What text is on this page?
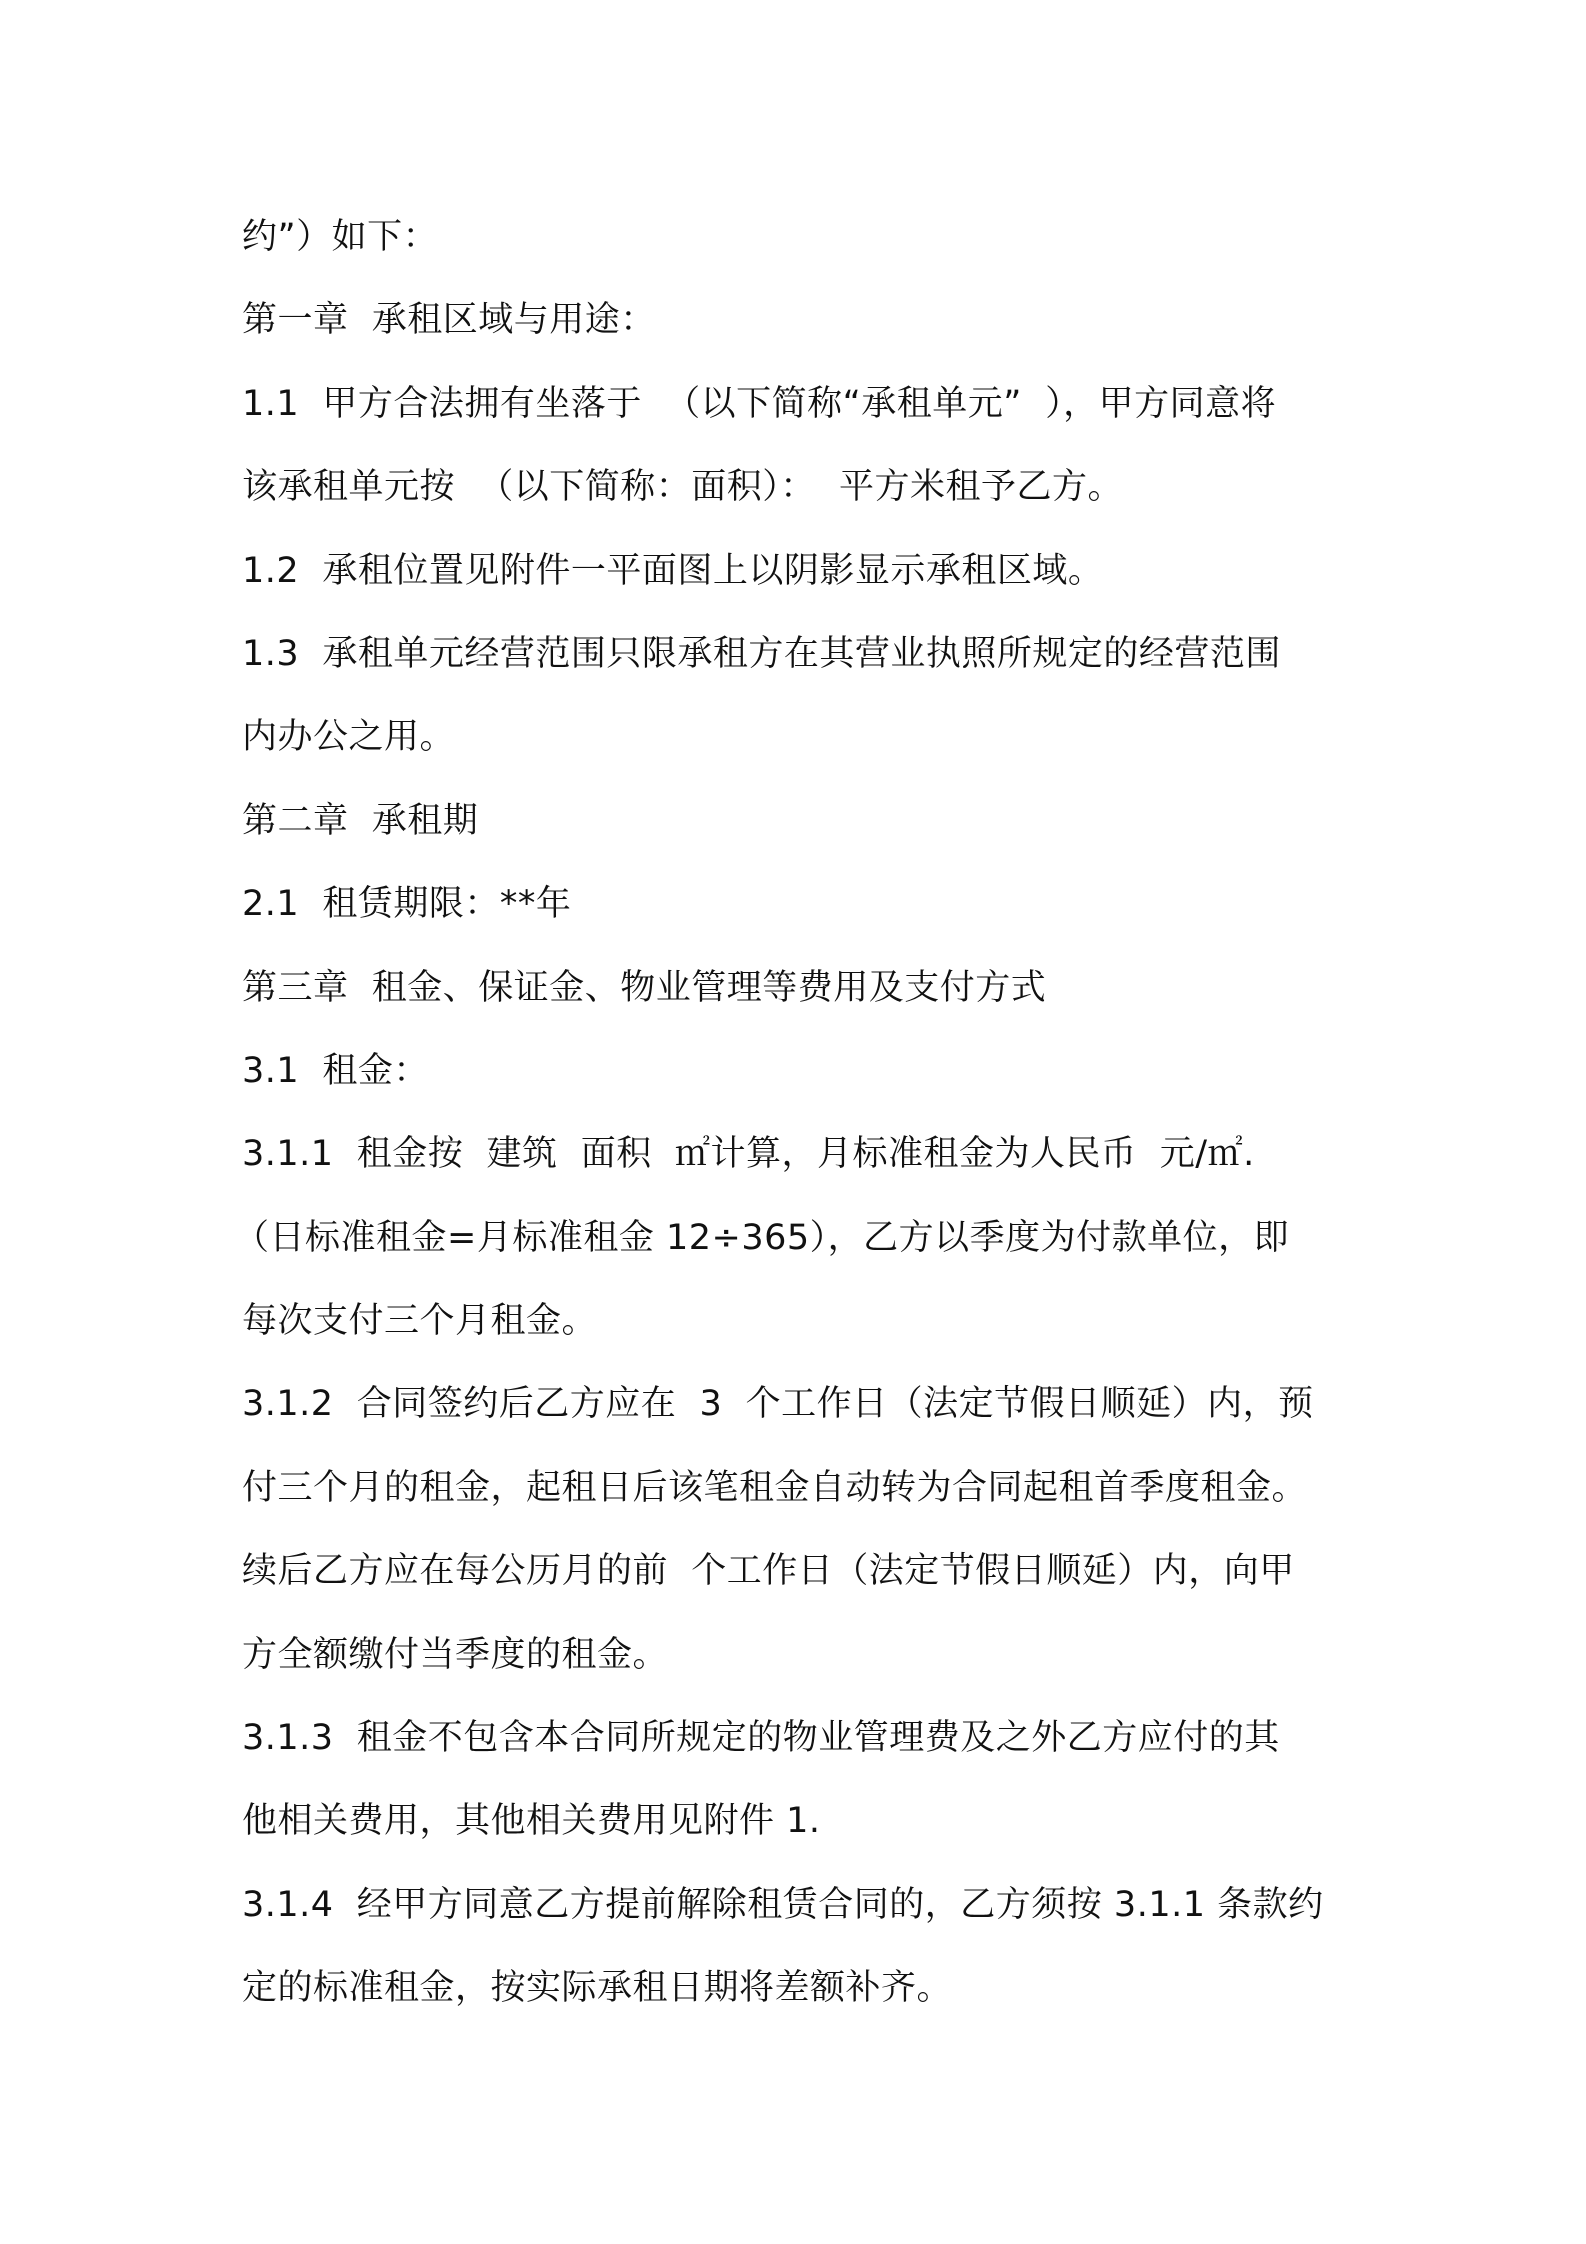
约”）如下：
第一章  承租区域与用途：
1.1  甲方合法拥有坐落于  （以下简称“承租单元”  ），甲方同意将
该承租单元按  （以下简称：面积）：  平方米租予乙方。
1.2  承租位置见附件一平面图上以阴影显示承租区域。
1.3  承租单元经营范围只限承租方在其营业执照所规定的经营范围
内办公之用。
第二章  承租期
2.1  租赁期限：**年
第三章  租金、保证金、物业管理等费用及支付方式
3.1  租金：
3.1.1  租金按  建筑  面积  ㎡计算，月标准租金为人民币  元/㎡.
（日标准租金=月标准租金 12÷365），乙方以季度为付款单位，即
每次支付三个月租金。
3.1.2  合同签约后乙方应在  3  个工作日（法定节假日顺延）内，预
付三个月的租金，起租日后该笔租金自动转为合同起租首季度租金。
续后乙方应在每公历月的前  个工作日（法定节假日顺延）内，向甲
方全额缴付当季度的租金。
3.1.3  租金不包含本合同所规定的物业管理费及之外乙方应付的其
他相关费用，其他相关费用见附件 1.
3.1.4  经甲方同意乙方提前解除租赁合同的，乙方须按 3.1.1 条款约
定的标准租金，按实际承租日期将差额补齐。
